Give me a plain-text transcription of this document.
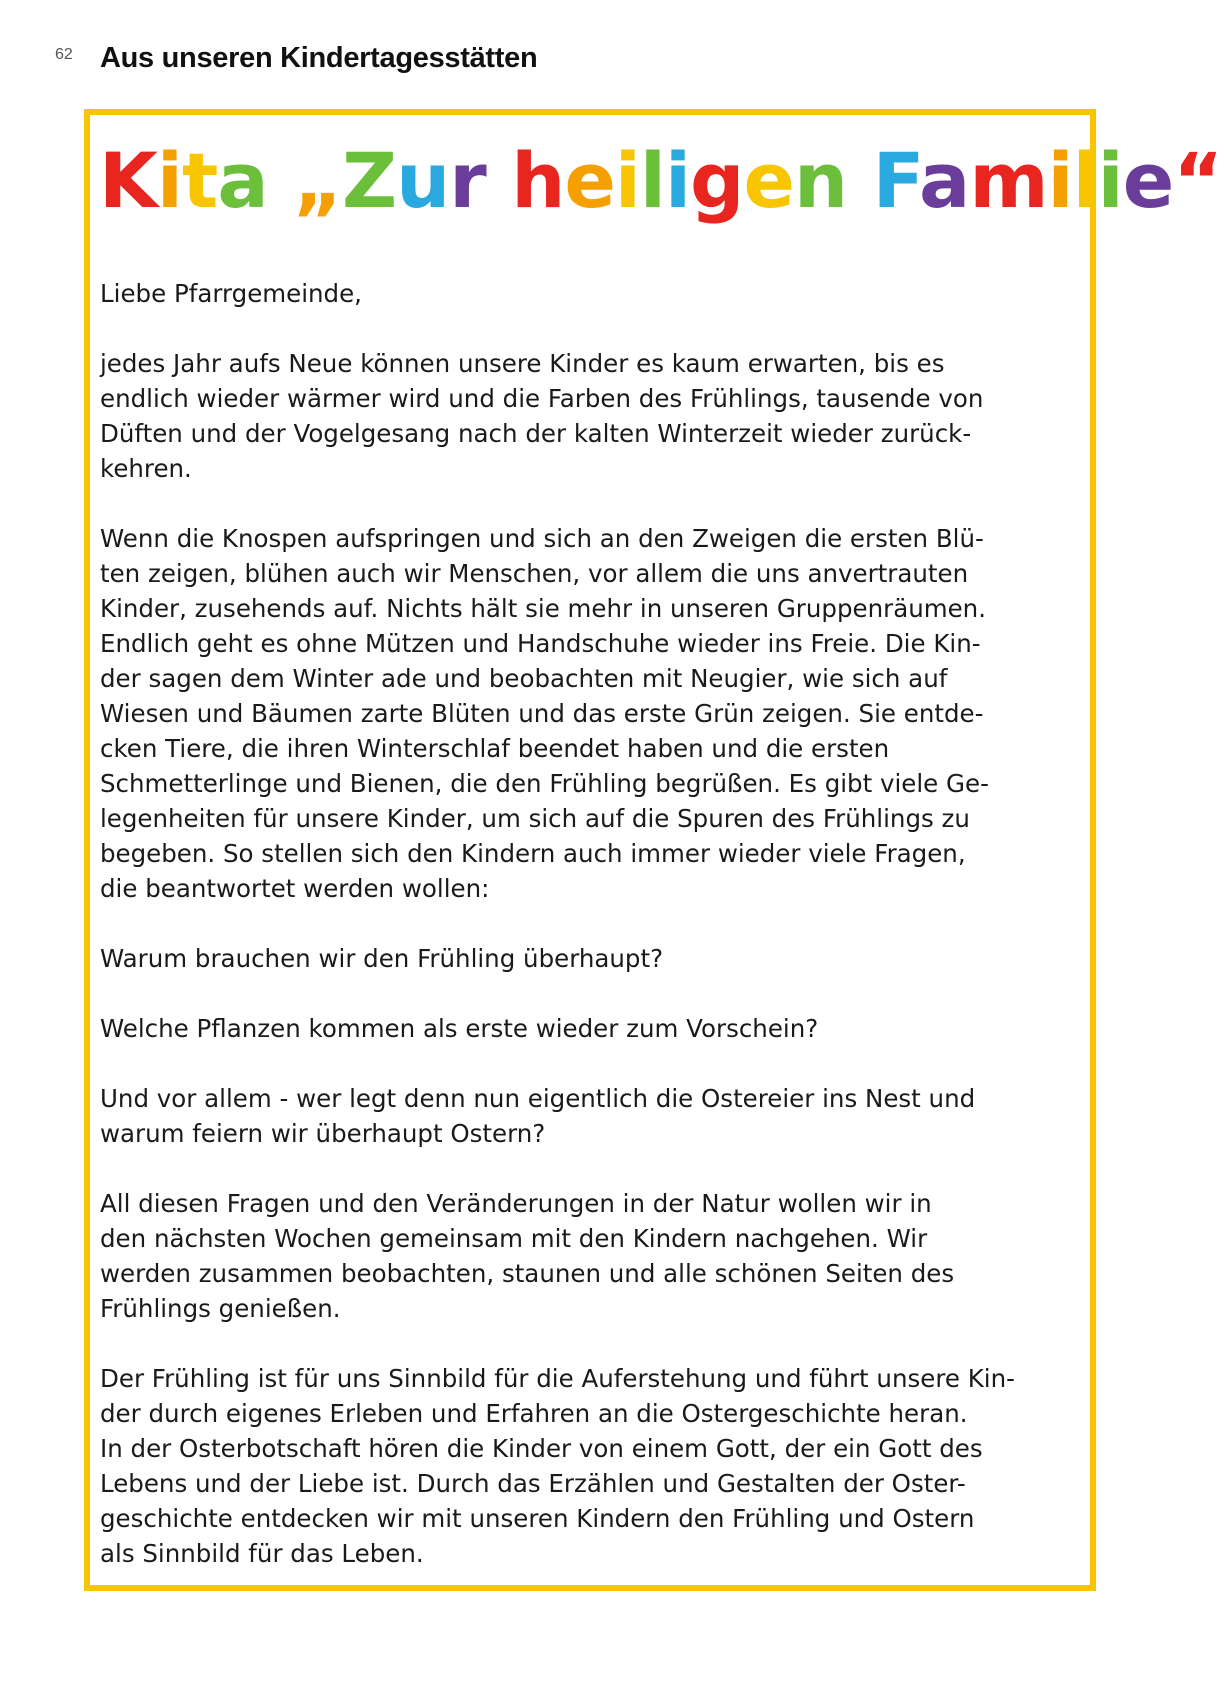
62 Aus unseren Kindertagesstätten
Kita „Zur heiligen Familie“

Liebe Pfarrgemeinde,

jedes Jahr aufs Neue können unsere Kinder es kaum erwarten, bis es
endlich wieder wärmer wird und die Farben des Frühlings, tausende von
Düften und der Vogelgesang nach der kalten Winterzeit wieder zurück-
kehren.

Wenn die Knospen aufspringen und sich an den Zweigen die ersten Blü-
ten zeigen, blühen auch wir Menschen, vor allem die uns anvertrauten
Kinder, zusehends auf. Nichts hält sie mehr in unseren Gruppenräumen.
Endlich geht es ohne Mützen und Handschuhe wieder ins Freie. Die Kin-
der sagen dem Winter ade und beobachten mit Neugier, wie sich auf
Wiesen und Bäumen zarte Blüten und das erste Grün zeigen. Sie entde-
cken Tiere, die ihren Winterschlaf beendet haben und die ersten
Schmetterlinge und Bienen, die den Frühling begrüßen. Es gibt viele Ge-
legenheiten für unsere Kinder, um sich auf die Spuren des Frühlings zu
begeben. So stellen sich den Kindern auch immer wieder viele Fragen,
die beantwortet werden wollen:

Warum brauchen wir den Frühling überhaupt?

Welche Pflanzen kommen als erste wieder zum Vorschein?

Und vor allem - wer legt denn nun eigentlich die Ostereier ins Nest und
warum feiern wir überhaupt Ostern?

All diesen Fragen und den Veränderungen in der Natur wollen wir in
den nächsten Wochen gemeinsam mit den Kindern nachgehen. Wir
werden zusammen beobachten, staunen und alle schönen Seiten des
Frühlings genießen.

Der Frühling ist für uns Sinnbild für die Auferstehung und führt unsere Kin-
der durch eigenes Erleben und Erfahren an die Ostergeschichte heran.
In der Osterbotschaft hören die Kinder von einem Gott, der ein Gott des
Lebens und der Liebe ist. Durch das Erzählen und Gestalten der Oster-
geschichte entdecken wir mit unseren Kindern den Frühling und Ostern
als Sinnbild für das Leben.
